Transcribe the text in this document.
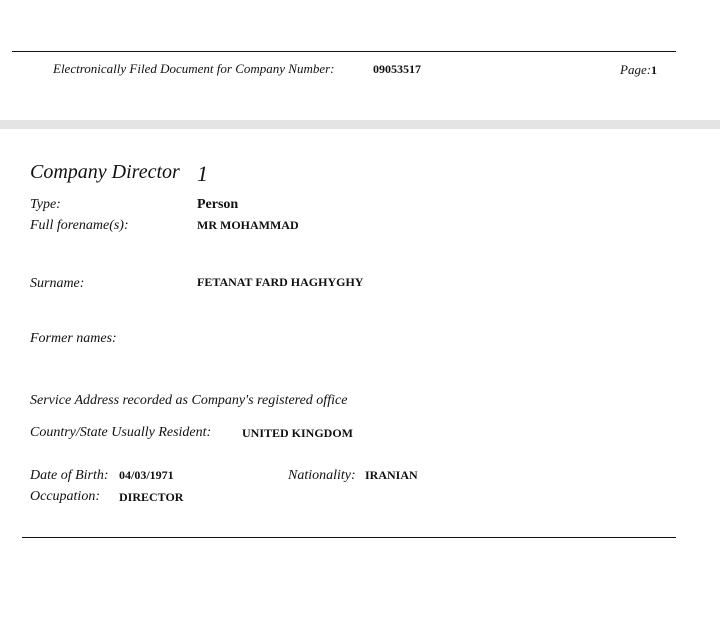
Electronically Filed Document for Company Number:	09053517	Page:1
Company Director 1
Type:	Person
Full forename(s):	MR MOHAMMAD
Surname:	FETANAT FARD HAGHYGHY
Former names:
Service Address recorded as Company's registered office
Country/State Usually Resident:	UNITED KINGDOM
Date of Birth: 04/03/1971	Nationality: IRANIAN
Occupation: DIRECTOR
